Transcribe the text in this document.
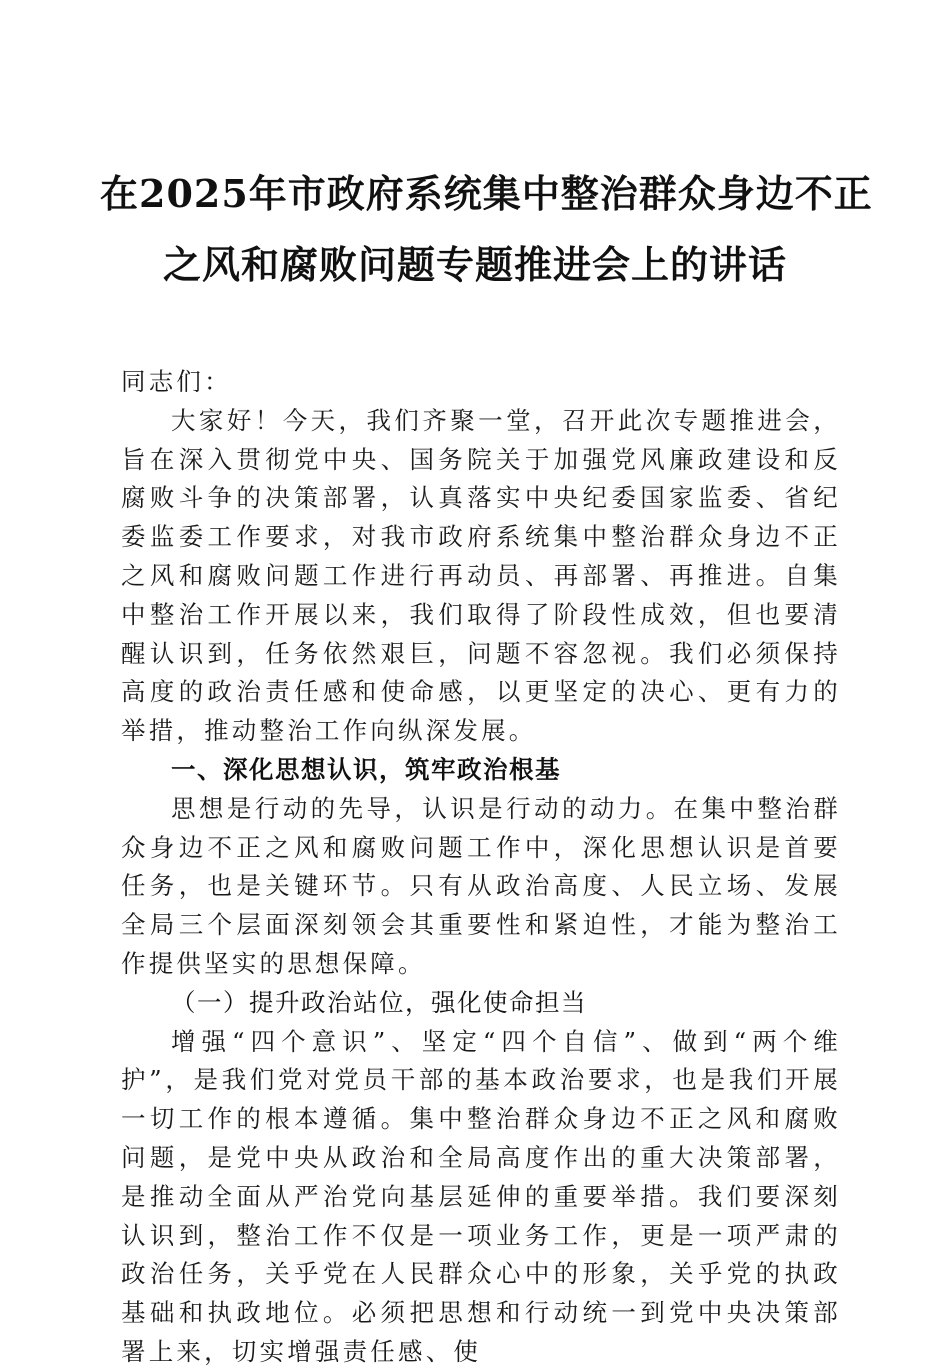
在2025年市政府系统集中整治群众身边不正
之风和腐败问题专题推进会上的讲话

同志们：

大家好！今天，我们齐聚一堂，召开此次专题推进会，旨在深入贯彻党中央、国务院关于加强党风廉政建设和反腐败斗争的决策部署，认真落实中央纪委国家监委、省纪委监委工作要求，对我市政府系统集中整治群众身边不正之风和腐败问题工作进行再动员、再部署、再推进。自集中整治工作开展以来，我们取得了阶段性成效，但也要清醒认识到，任务依然艰巨，问题不容忽视。我们必须保持高度的政治责任感和使命感，以更坚定的决心、更有力的举措，推动整治工作向纵深发展。

一、深化思想认识，筑牢政治根基

思想是行动的先导，认识是行动的动力。在集中整治群众身边不正之风和腐败问题工作中，深化思想认识是首要任务，也是关键环节。只有从政治高度、人民立场、发展全局三个层面深刻领会其重要性和紧迫性，才能为整治工作提供坚实的思想保障。

（一）提升政治站位，强化使命担当

增强“四个意识”、坚定“四个自信”、做到“两个维护”，是我们党对党员干部的基本政治要求，也是我们开展一切工作的根本遵循。集中整治群众身边不正之风和腐败问题，是党中央从政治和全局高度作出的重大决策部署，是推动全面从严治党向基层延伸的重要举措。我们要深刻认识到，整治工作不仅是一项业务工作，更是一项严肃的政治任务，关乎党在人民群众心中的形象，关乎党的执政基础和执政地位。必须把思想和行动统一到党中央决策部署上来，切实增强责任感、使
